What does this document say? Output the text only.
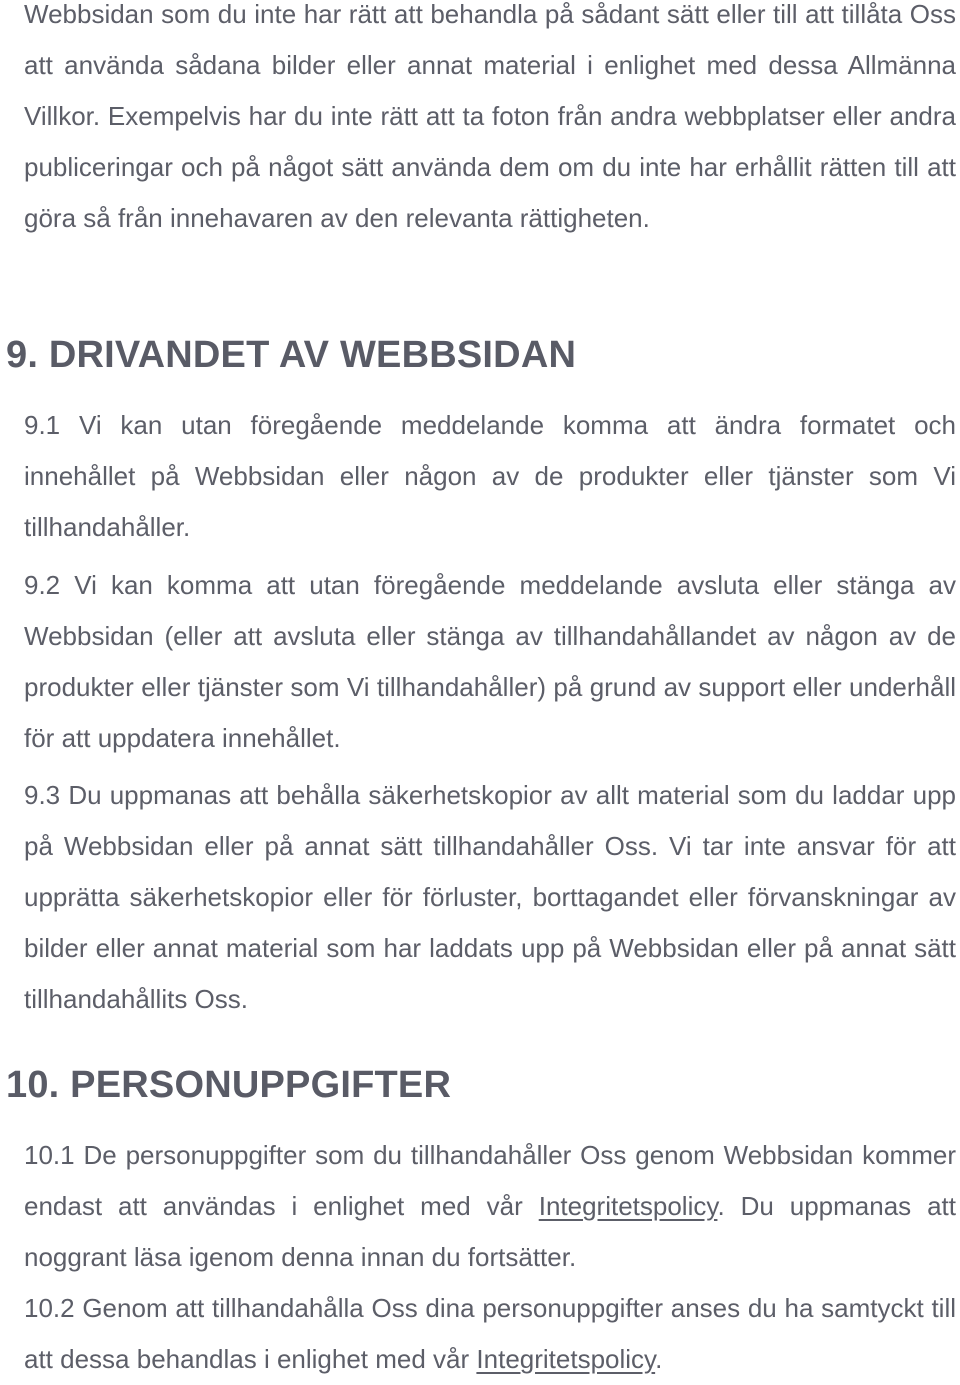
Webbsidan som du inte har rätt att behandla på sådant sätt eller till att tillåta Oss att använda sådana bilder eller annat material i enlighet med dessa Allmänna Villkor. Exempelvis har du inte rätt att ta foton från andra webbplatser eller andra publiceringar och på något sätt använda dem om du inte har erhållit rätten till att göra så från innehavaren av den relevanta rättigheten.

9. DRIVANDET AV WEBBSIDAN

9.1 Vi kan utan föregående meddelande komma att ändra formatet och innehållet på Webbsidan eller någon av de produkter eller tjänster som Vi tillhandahåller.

9.2 Vi kan komma att utan föregående meddelande avsluta eller stänga av Webbsidan (eller att avsluta eller stänga av tillhandahållandet av någon av de produkter eller tjänster som Vi tillhandahåller) på grund av support eller underhåll för att uppdatera innehållet.

9.3 Du uppmanas att behålla säkerhetskopior av allt material som du laddar upp på Webbsidan eller på annat sätt tillhandahåller Oss. Vi tar inte ansvar för att upprätta säkerhetskopior eller för förluster, borttagandet eller förvanskningar av bilder eller annat material som har laddats upp på Webbsidan eller på annat sätt tillhandahållits Oss.

10. PERSONUPPGIFTER

10.1 De personuppgifter som du tillhandahåller Oss genom Webbsidan kommer endast att användas i enlighet med vår Integritetspolicy. Du uppmanas att noggrant läsa igenom denna innan du fortsätter.

10.2 Genom att tillhandahålla Oss dina personuppgifter anses du ha samtyckt till att dessa behandlas i enlighet med vår Integritetspolicy.
